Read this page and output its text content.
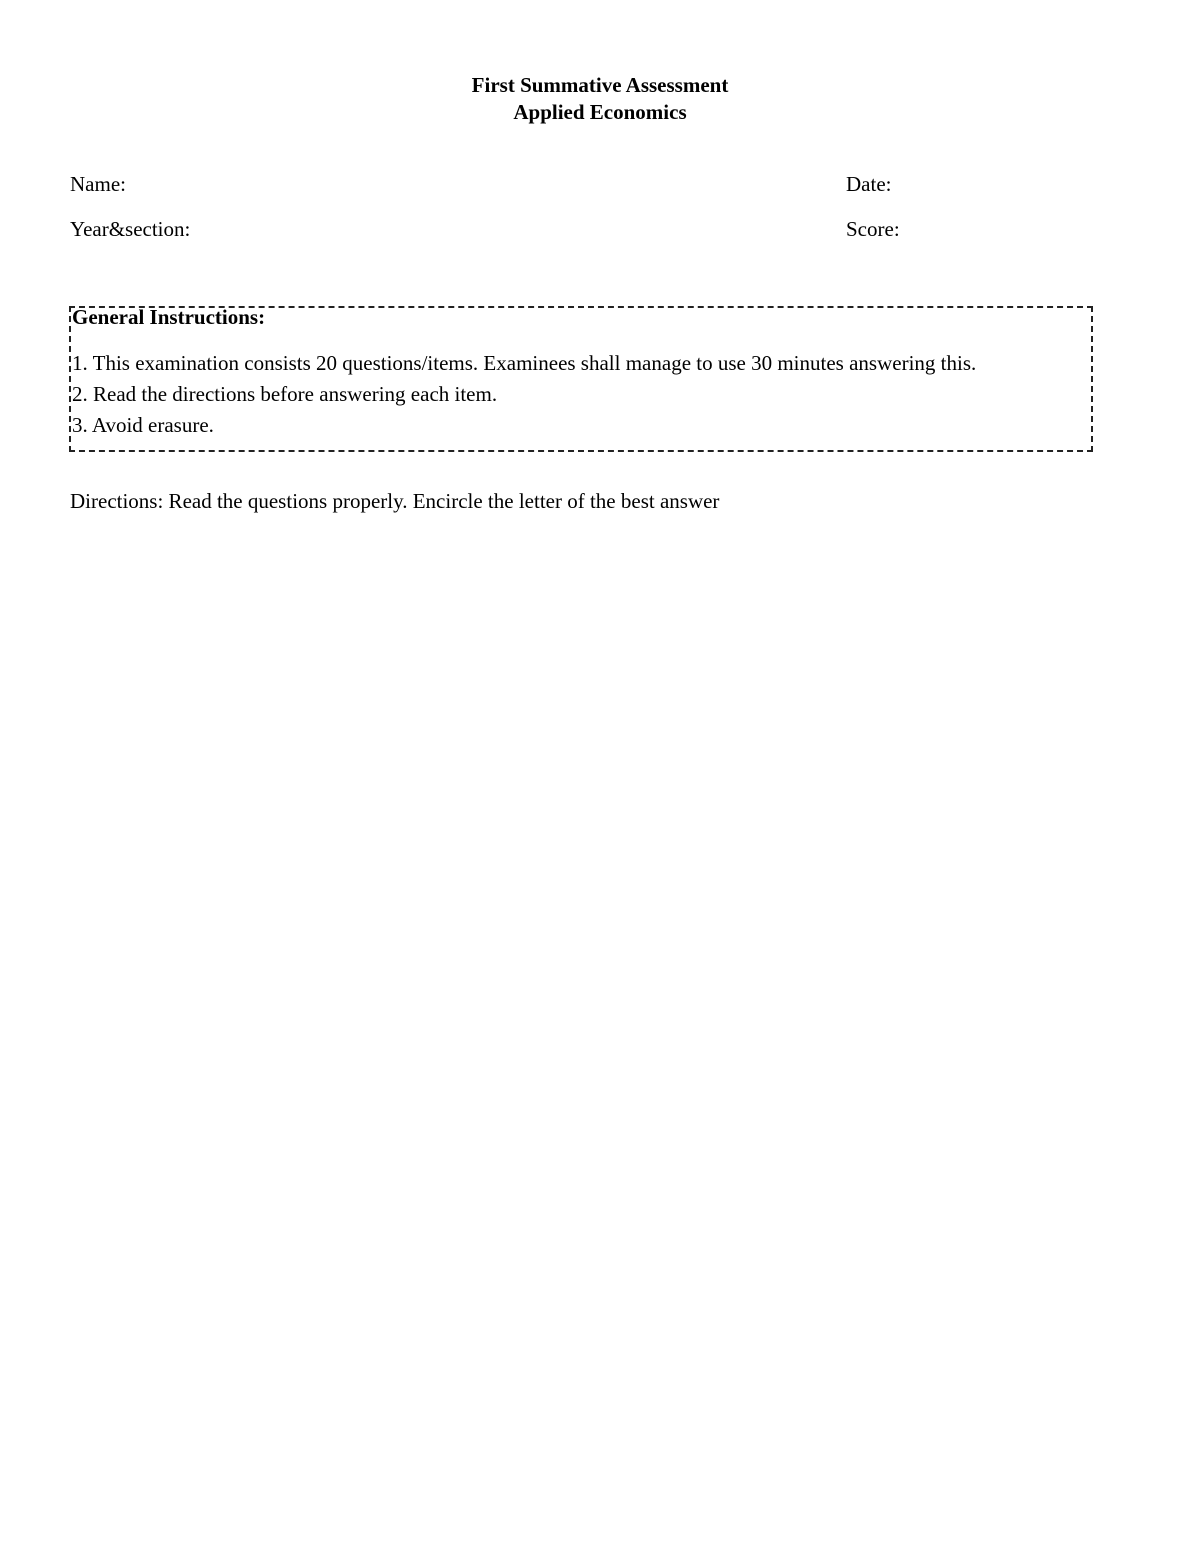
First Summative Assessment
Applied Economics
Name:	Date:
Year&section:	Score:
General Instructions:
1. This examination consists 20 questions/items. Examinees shall manage to use 30 minutes answering this.
2. Read the directions before answering each item.
3. Avoid erasure.
Directions: Read the questions properly. Encircle the letter of the best answer
